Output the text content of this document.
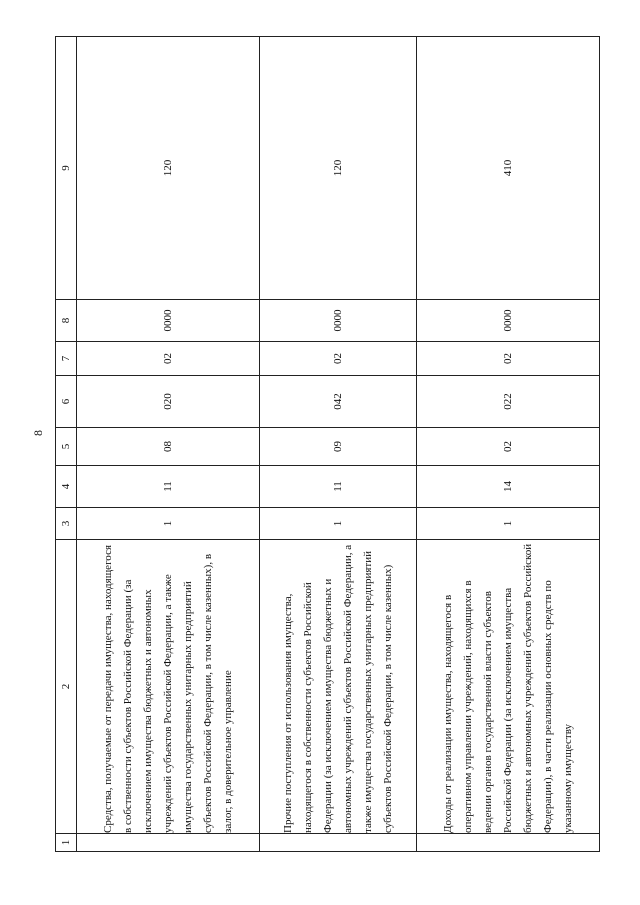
8
1	2	3	4	5	6	7	8	9
	Средства, получаемые от передачи имущества, находящегося в собственности субъектов Российской Федерации (за исключением имущества бюджетных и автономных учреждений субъектов Российской Федерации, а также имущества государственных унитарных предприятий субъектов Российской Федерации, в том числе казенных), в залог, в доверительное управление	1	11	08	020	02	0000	120
	Прочие поступления от использования имущества, находящегося в собственности субъектов Российской Федерации (за исключением имущества бюджетных и автономных учреждений субъектов Российской Федерации, а также имущества государственных унитарных предприятий субъектов Российской Федерации, в том числе казенных)	1	11	09	042	02	0000	120
	Доходы от реализации имущества, находящегося в оперативном управлении учреждений, находящихся в ведении органов государственной власти субъектов Российской Федерации (за исключением имущества бюджетных и автономных учреждений субъектов Российской Федерации), в части реализации основных средств по указанному имуществу	1	14	02	022	02	0000	410
